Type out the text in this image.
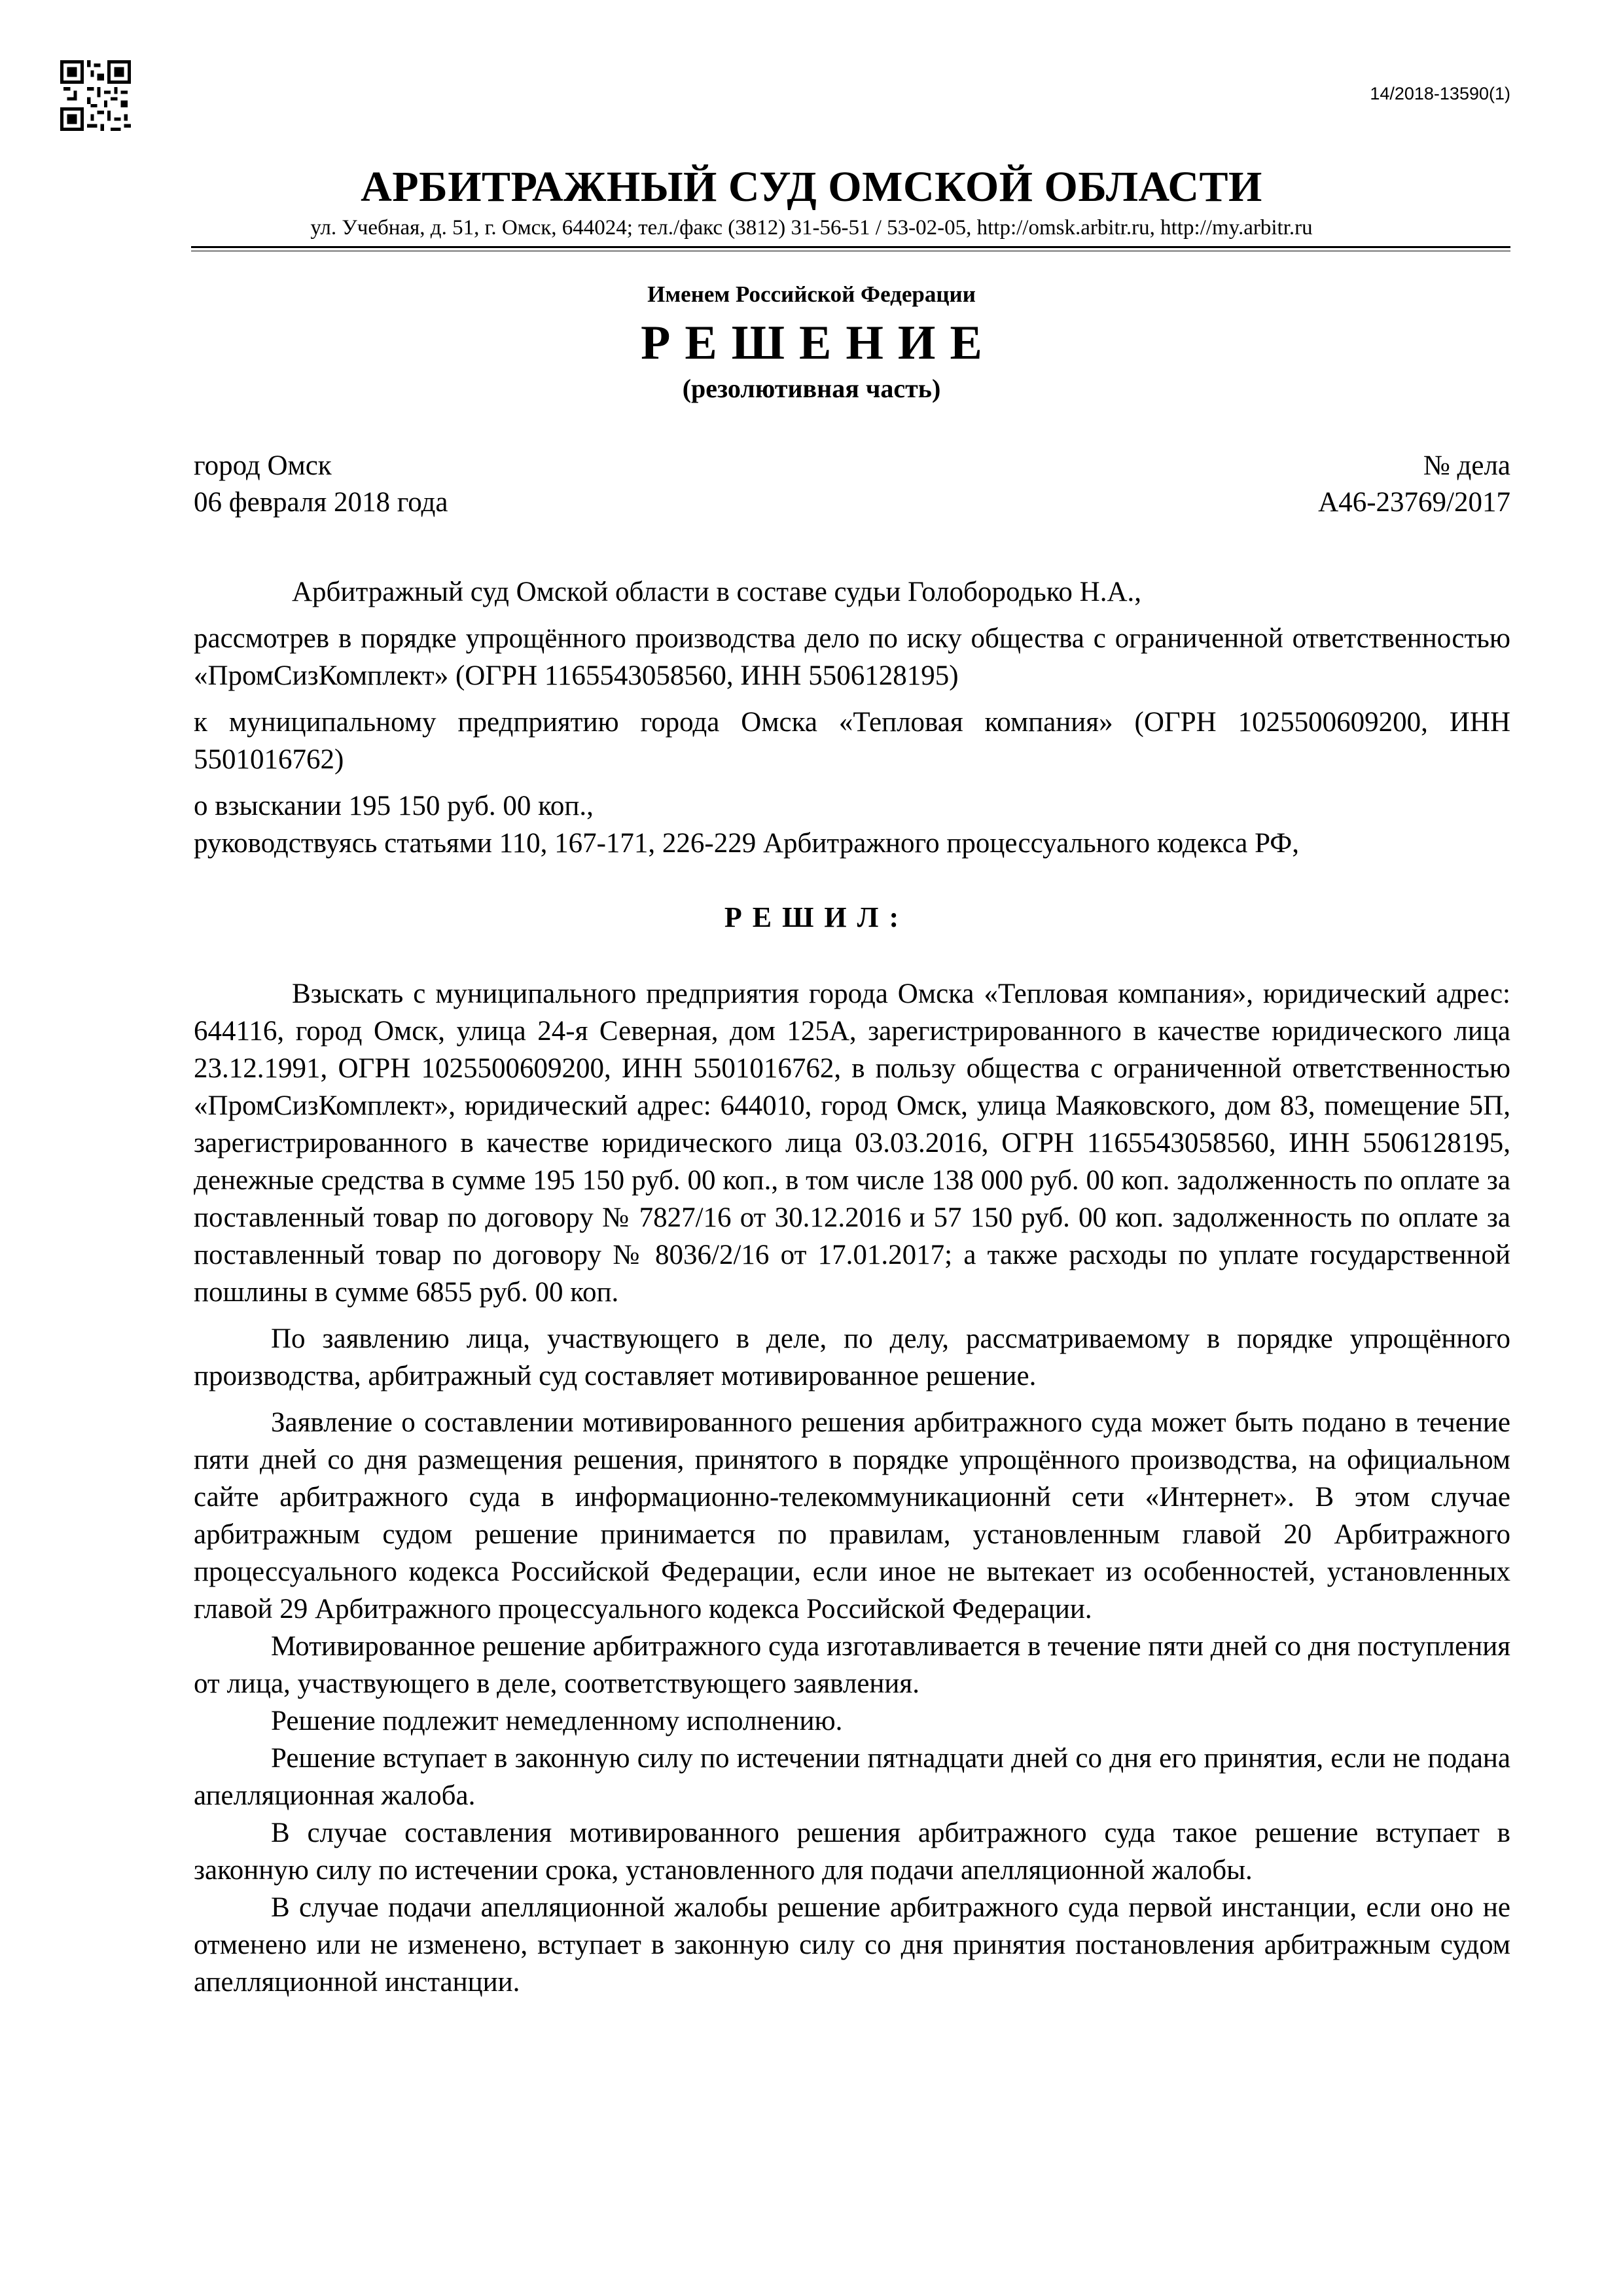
14/2018-13590(1)
АРБИТРАЖНЫЙ СУД ОМСКОЙ ОБЛАСТИ
ул. Учебная, д. 51, г. Омск, 644024; тел./факс (3812) 31-56-51 / 53-02-05, http://omsk.arbitr.ru, http://my.arbitr.ru
Именем Российской Федерации
РЕШЕНИЕ
(резолютивная часть)
город Омск
06 февраля 2018 года
№ дела
А46-23769/2017

Арбитражный суд Омской области в составе судьи Голобородько Н.А.,

рассмотрев в порядке упрощённого производства дело по иску общества с ограниченной ответственностью «ПромСизКомплект» (ОГРН 1165543058560, ИНН 5506128195)

к муниципальному предприятию города Омска «Тепловая компания» (ОГРН 1025500609200, ИНН 5501016762)

о взыскании 195 150 руб. 00 коп.,

руководствуясь статьями 110, 167-171, 226-229 Арбитражного процессуального кодекса РФ,

РЕШИЛ:

Взыскать с муниципального предприятия города Омска «Тепловая компания», юридический адрес: 644116, город Омск, улица 24-я Северная, дом 125А, зарегистрированного в качестве юридического лица 23.12.1991, ОГРН 1025500609200, ИНН 5501016762, в пользу общества с ограниченной ответственностью «ПромСизКомплект», юридический адрес: 644010, город Омск, улица Маяковского, дом 83, помещение 5П, зарегистрированного в качестве юридического лица 03.03.2016, ОГРН 1165543058560, ИНН 5506128195, денежные средства в сумме 195 150 руб. 00 коп., в том числе 138 000 руб. 00 коп. задолженность по оплате за поставленный товар по договору № 7827/16 от 30.12.2016 и 57 150 руб. 00 коп. задолженность по оплате за поставленный товар по договору № 8036/2/16 от 17.01.2017; а также расходы по уплате государственной пошлины в сумме 6855 руб. 00 коп.

По заявлению лица, участвующего в деле, по делу, рассматриваемому в порядке упрощённого производства, арбитражный суд составляет мотивированное решение.

Заявление о составлении мотивированного решения арбитражного суда может быть подано в течение пяти дней со дня размещения решения, принятого в порядке упрощённого производства, на официальном сайте арбитражного суда в информационно-телекоммуникационнй сети «Интернет». В этом случае арбитражным судом решение принимается по правилам, установленным главой 20 Арбитражного процессуального кодекса Российской Федерации, если иное не вытекает из особенностей, установленных главой 29 Арбитражного процессуального кодекса Российской Федерации.

Мотивированное решение арбитражного суда изготавливается в течение пяти дней со дня поступления от лица, участвующего в деле, соответствующего заявления.

Решение подлежит немедленному исполнению.

Решение вступает в законную силу по истечении пятнадцати дней со дня его принятия, если не подана апелляционная жалоба.

В случае составления мотивированного решения арбитражного суда такое решение вступает в законную силу по истечении срока, установленного для подачи апелляционной жалобы.

В случае подачи апелляционной жалобы решение арбитражного суда первой инстанции, если оно не отменено или не изменено, вступает в законную силу со дня принятия постановления арбитражным судом апелляционной инстанции.
